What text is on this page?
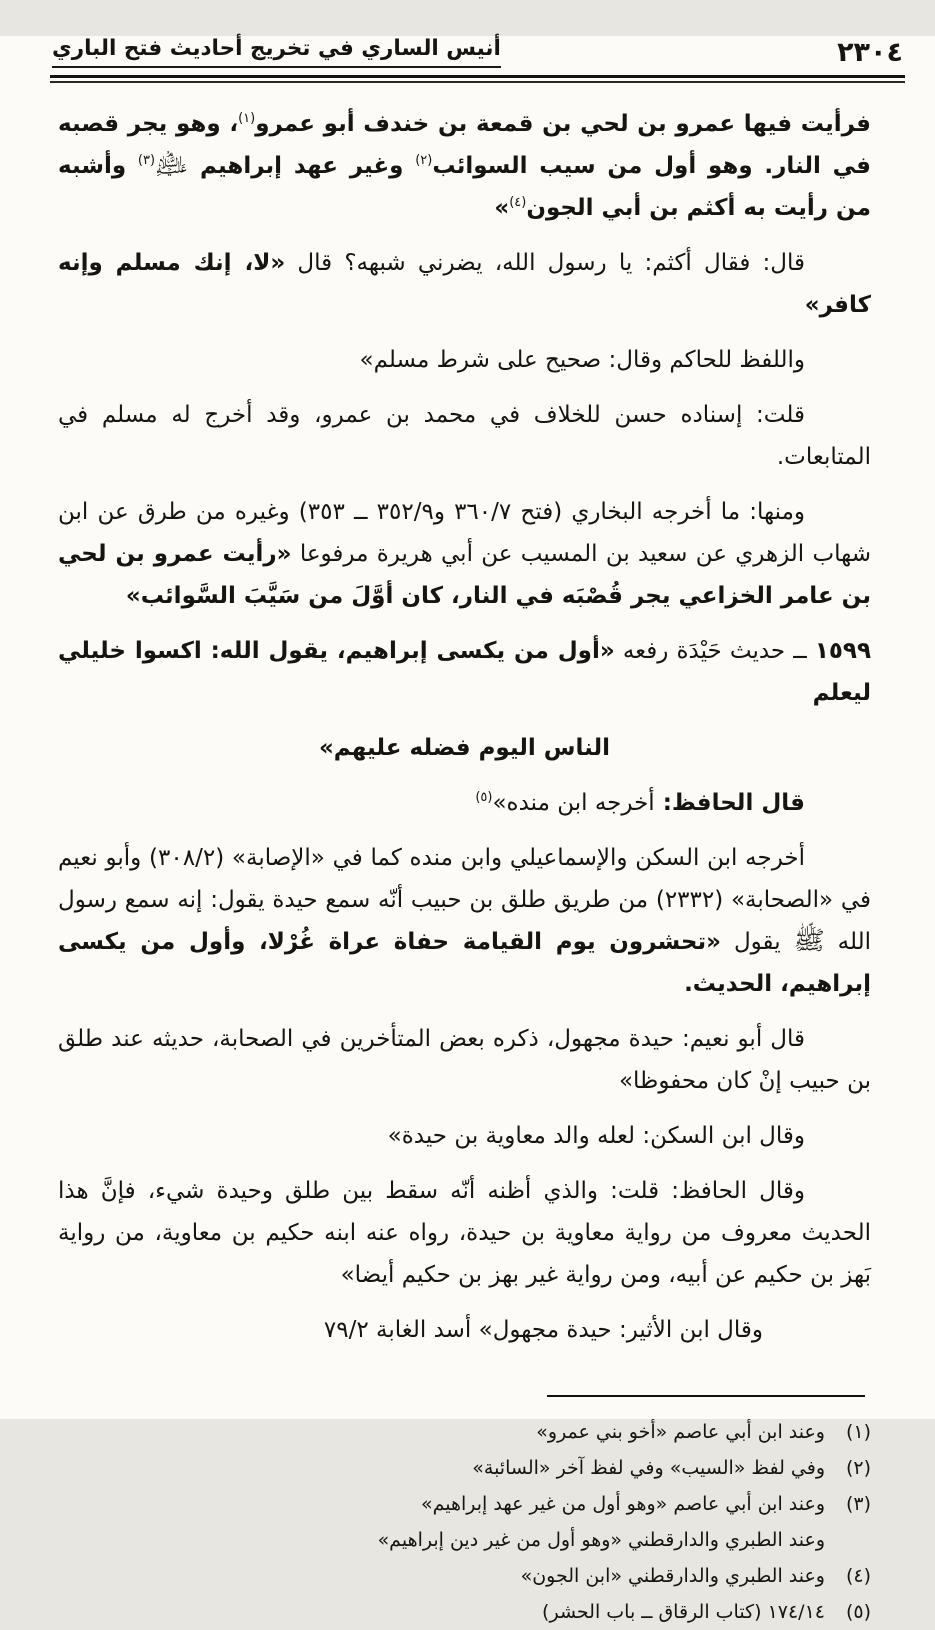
٢٣٠٤
أنيس الساري في تخريج أحاديث فتح الباري

فرأيت فيها عمرو بن لحي بن قمعة بن خندف أبو عمرو$^{(١)}$، وهو يجر قصبه في النار. وهو أول من سيب السوائب$^{(٢)}$ وغير عهد إبراهيم ﵇$^{(٣)}$ وأشبه من رأيت به أكثم بن أبي الجون$^{(٤)}$»

قال: فقال أكثم: يا رسول الله، يضرني شبهه؟ قال «لا، إنك مسلم وإنه كافر»

واللفظ للحاكم وقال: صحيح على شرط مسلم»

قلت: إسناده حسن للخلاف في محمد بن عمرو، وقد أخرج له مسلم في المتابعات.

ومنها: ما أخرجه البخاري (فتح ٣٦٠/٧ و٣٥٢/٩ ــ ٣٥٣) وغيره من طرق عن ابن شهاب الزهري عن سعيد بن المسيب عن أبي هريرة مرفوعا «رأيت عمرو بن لحي بن عامر الخزاعي يجر قُصْبَه في النار، كان أوَّلَ من سَيَّبَ السَّوائب»

١٥٩٩ ــ حديث حَيْدَة رفعه «أول من يكسى إبراهيم، يقول الله: اكسوا خليلي ليعلم

الناس اليوم فضله عليهم»

قال الحافظ: أخرجه ابن منده»$^{(٥)}$

أخرجه ابن السكن والإسماعيلي وابن منده كما في «الإصابة» (٣٠٨/٢) وأبو نعيم في «الصحابة» (٢٣٣٢) من طريق طلق بن حبيب أنّه سمع حيدة يقول: إنه سمع رسول الله ﷺ يقول «تحشرون يوم القيامة حفاة عراة غُرْلا، وأول من يكسى إبراهيم، الحديث.

قال أبو نعيم: حيدة مجهول، ذكره بعض المتأخرين في الصحابة، حديثه عند طلق بن حبيب إنْ كان محفوظا»

وقال ابن السكن: لعله والد معاوية بن حيدة»

وقال الحافظ: قلت: والذي أظنه أنّه سقط بين طلق وحيدة شيء، فإنَّ هذا الحديث معروف من رواية معاوية بن حيدة، رواه عنه ابنه حكيم بن معاوية، من رواية بَهز بن حكيم عن أبيه، ومن رواية غير بهز بن حكيم أيضا»

وقال ابن الأثير: حيدة مجهول» أسد الغابة ٧٩/٢

(١)
وعند ابن أبي عاصم «أخو بني عمرو»
(٢)
وفي لفظ «السيب» وفي لفظ آخر «السائبة»
(٣)
وعند ابن أبي عاصم «وهو أول من غير عهد إبراهيم»
وعند الطبري والدارقطني «وهو أول من غير دين إبراهيم»
(٤)
وعند الطبري والدارقطني «ابن الجون»
(٥)
١٧٤/١٤ (كتاب الرقاق ــ باب الحشر)
